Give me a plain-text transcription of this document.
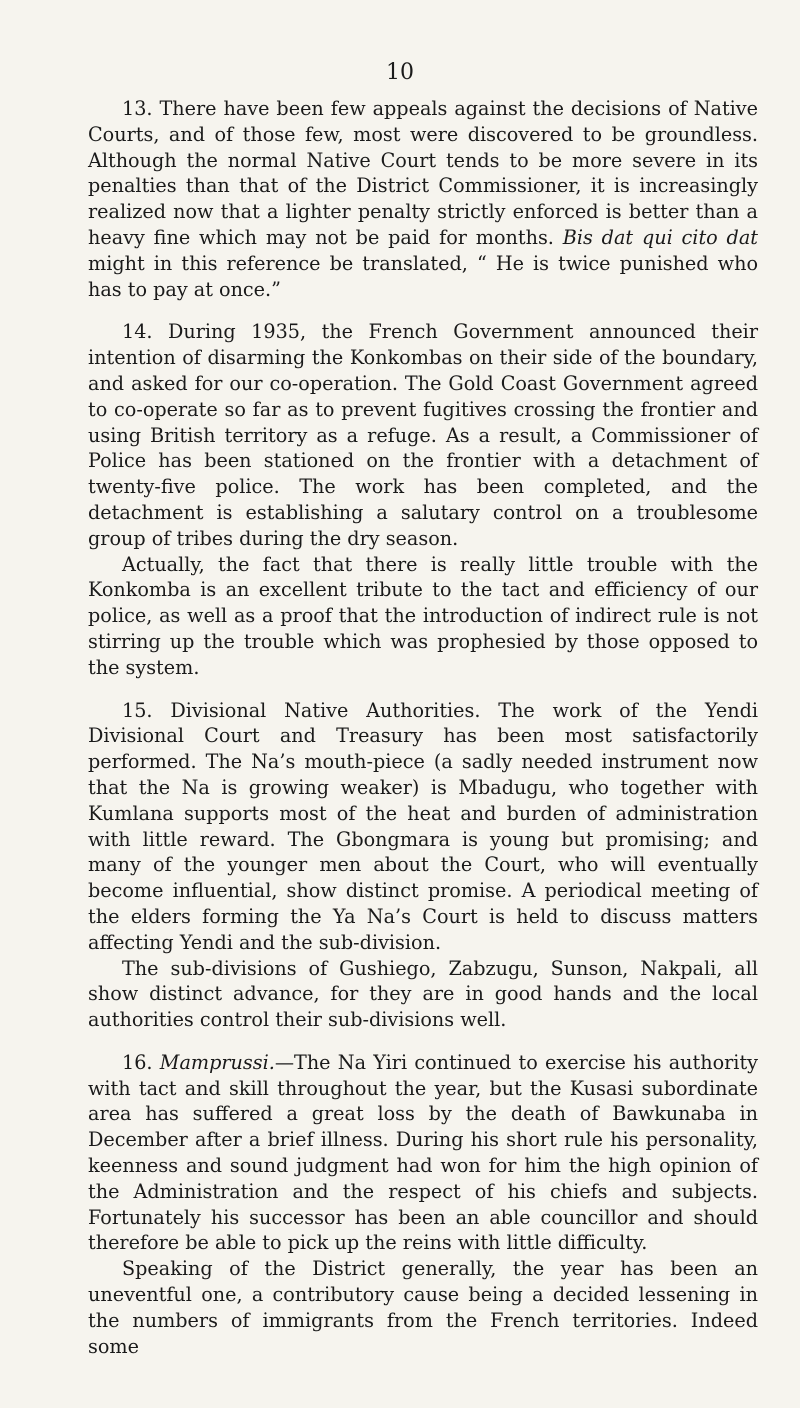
10

13. There have been few appeals against the decisions of Native Courts, and of those few, most were discovered to be groundless. Although the normal Native Court tends to be more severe in its penalties than that of the District Commissioner, it is increasingly realized now that a lighter penalty strictly enforced is better than a heavy fine which may not be paid for months. Bis dat qui cito dat might in this reference be translated, “ He is twice punished who has to pay at once.”

14. During 1935, the French Government announced their intention of disarming the Konkombas on their side of the boundary, and asked for our co-operation. The Gold Coast Government agreed to co-operate so far as to prevent fugitives crossing the frontier and using British territory as a refuge. As a result, a Commissioner of Police has been stationed on the frontier with a detachment of twenty-five police. The work has been completed, and the detachment is establishing a salutary control on a troublesome group of tribes during the dry season.

Actually, the fact that there is really little trouble with the Konkomba is an excellent tribute to the tact and efficiency of our police, as well as a proof that the introduction of indirect rule is not stirring up the trouble which was prophesied by those opposed to the system.

15. Divisional Native Authorities. The work of the Yendi Divisional Court and Treasury has been most satisfactorily performed. The Na’s mouth-piece (a sadly needed instrument now that the Na is growing weaker) is Mbadugu, who together with Kumlana supports most of the heat and burden of administration with little reward. The Gbongmara is young but promising; and many of the younger men about the Court, who will eventually become influential, show distinct promise. A periodical meeting of the elders forming the Ya Na’s Court is held to discuss matters affecting Yendi and the sub-division.

The sub-divisions of Gushiego, Zabzugu, Sunson, Nakpali, all show distinct advance, for they are in good hands and the local authorities control their sub-divisions well.

16. Mamprussi.—The Na Yiri continued to exercise his authority with tact and skill throughout the year, but the Kusasi subordinate area has suffered a great loss by the death of Bawkunaba in December after a brief illness. During his short rule his personality, keenness and sound judgment had won for him the high opinion of the Administration and the respect of his chiefs and subjects. Fortunately his successor has been an able councillor and should therefore be able to pick up the reins with little difficulty.

Speaking of the District generally, the year has been an uneventful one, a contributory cause being a decided lessening in the numbers of immigrants from the French territories. Indeed some
